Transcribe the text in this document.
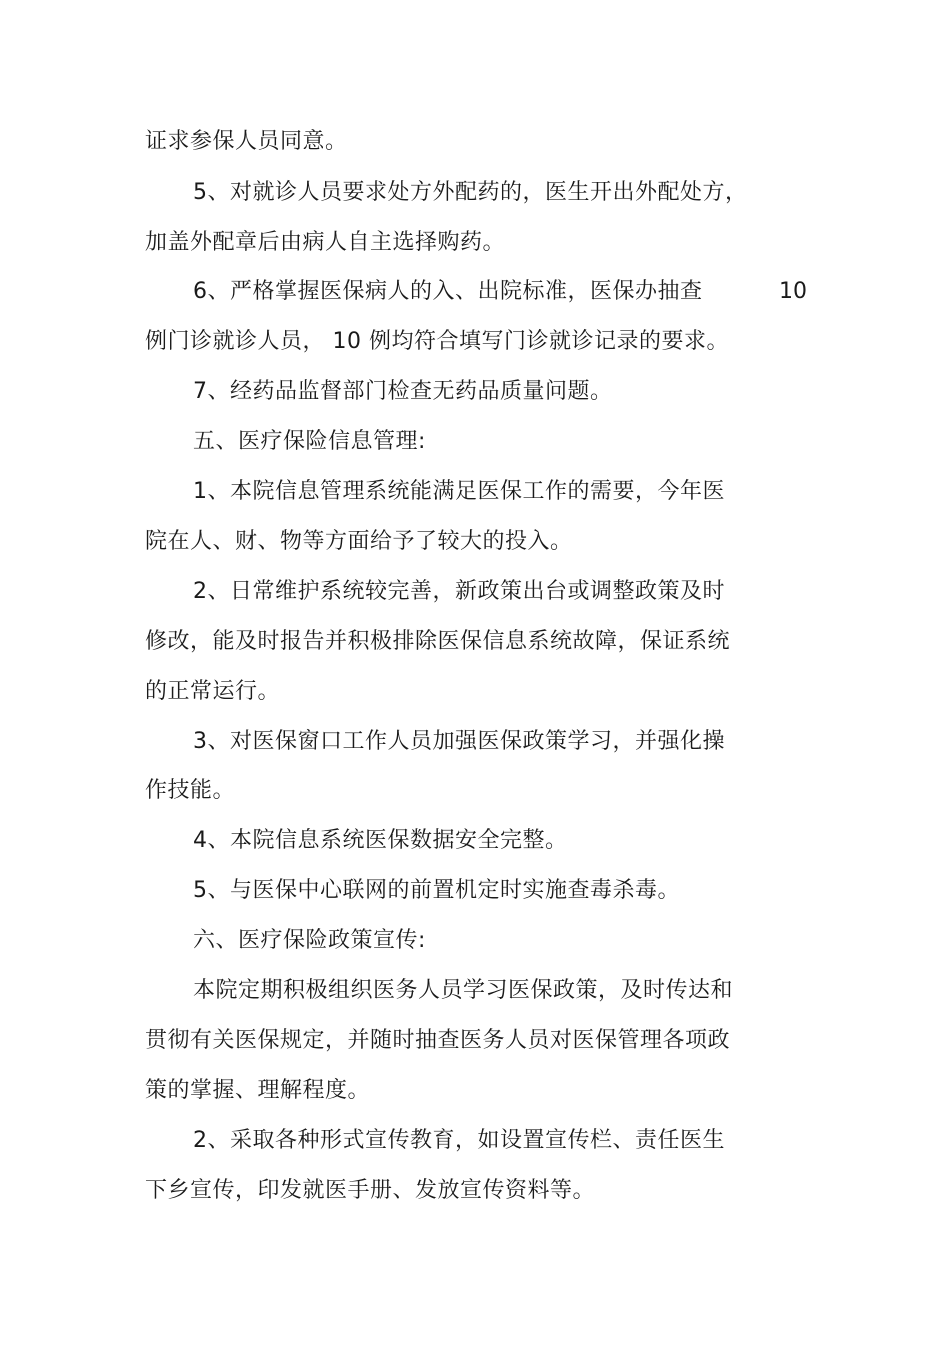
证求参保人员同意。
5、对就诊人员要求处方外配药的，医生开出外配处方，
加盖外配章后由病人自主选择购药。
6、严格掌握医保病人的入、出院标准，医保办抽查	10
例门诊就诊人员， 10 例均符合填写门诊就诊记录的要求。
7、经药品监督部门检查无药品质量问题。
五、医疗保险信息管理:
1、本院信息管理系统能满足医保工作的需要，今年医
院在人、财、物等方面给予了较大的投入。
2、日常维护系统较完善，新政策出台或调整政策及时
修改，能及时报告并积极排除医保信息系统故障，保证系统
的正常运行。
3、对医保窗口工作人员加强医保政策学习，并强化操
作技能。
4、本院信息系统医保数据安全完整。
5、与医保中心联网的前置机定时实施查毒杀毒。
六、医疗保险政策宣传:
本院定期积极组织医务人员学习医保政策，及时传达和
贯彻有关医保规定，并随时抽查医务人员对医保管理各项政
策的掌握、理解程度。
2、采取各种形式宣传教育，如设置宣传栏、责任医生
下乡宣传，印发就医手册、发放宣传资料等。
